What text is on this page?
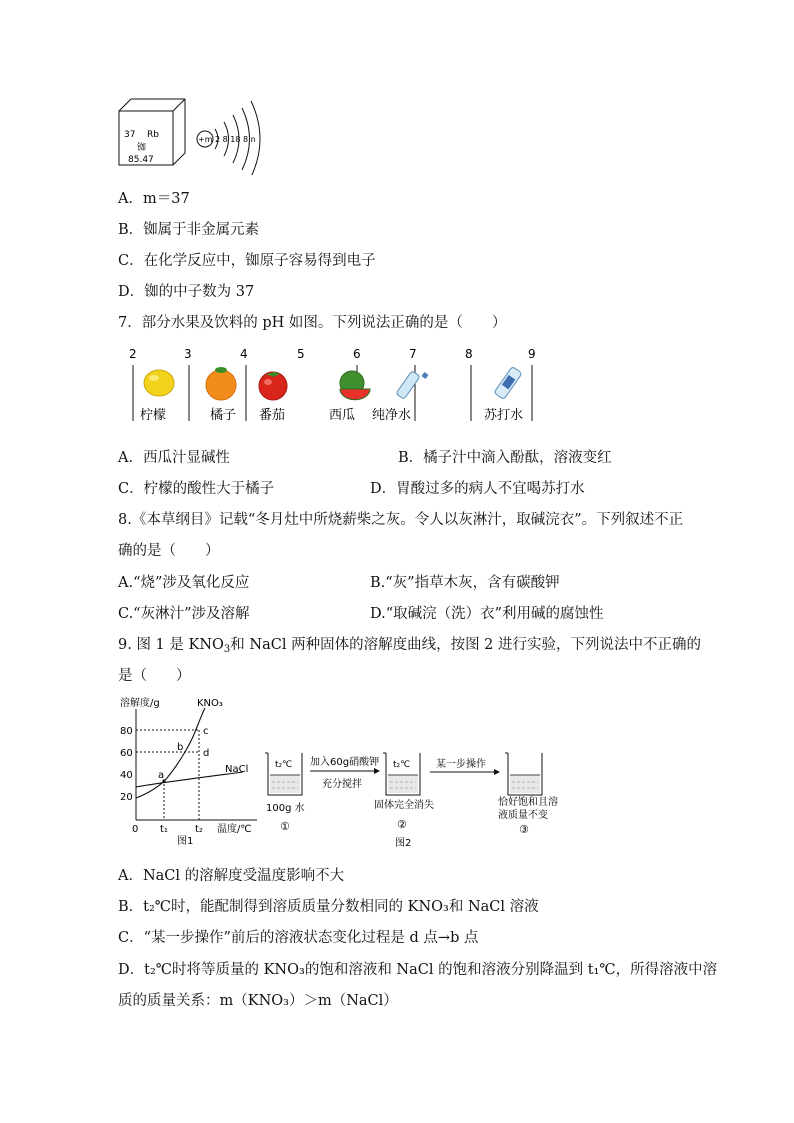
37 Rb
铷
85.47
+m 2 8 18 8 n
A．m＝37
B．铷属于非金属元素
C．在化学反应中，铷原子容易得到电子
D．铷的中子数为 37
7．部分水果及饮料的 pH 如图。下列说法正确的是（　　）
2	3	4	5	6	7	8	9
柠檬	橘子 番茄	西瓜 纯净水	苏打水
A．西瓜汁显碱性	B．橘子汁中滴入酚酞，溶液变红
C．柠檬的酸性大于橘子	D．胃酸过多的病人不宜喝苏打水
8.《本草纲目》记载“冬月灶中所烧薪柴之灰。令人以灰淋汁，取碱浣衣”。下列叙述不正
确的是（　　）
A.“烧”涉及氧化反应	B.“灰”指草木灰，含有碳酸钾
C.“灰淋汁”涉及溶解	D.“取碱浣（洗）衣”利用碱的腐蚀性
9. 图 1 是 $KNO_3$和 NaCl 两种固体的溶解度曲线，按图 2 进行实验，下列说法中不正确的
是（　　）
溶解度/g	KNO₃
80
60
40
20
0
NaCl
a
b
c
d
t₁	t₂ 温度/℃
图1
t₂℃
100g 水
①
加入60g硝酸钾
充分搅拌
t₂℃
固体完全消失
②
图2
某一步操作
恰好饱和且溶
液质量不变
③
A．NaCl 的溶解度受温度影响不大
B．t₂℃时，能配制得到溶质质量分数相同的 KNO₃和 NaCl 溶液
C．“某一步操作”前后的溶液状态变化过程是 d 点→b 点
D．t₂℃时将等质量的 KNO₃的饱和溶液和 NaCl 的饱和溶液分别降温到 t₁℃，所得溶液中溶
质的质量关系：m（KNO₃）＞m（NaCl）
